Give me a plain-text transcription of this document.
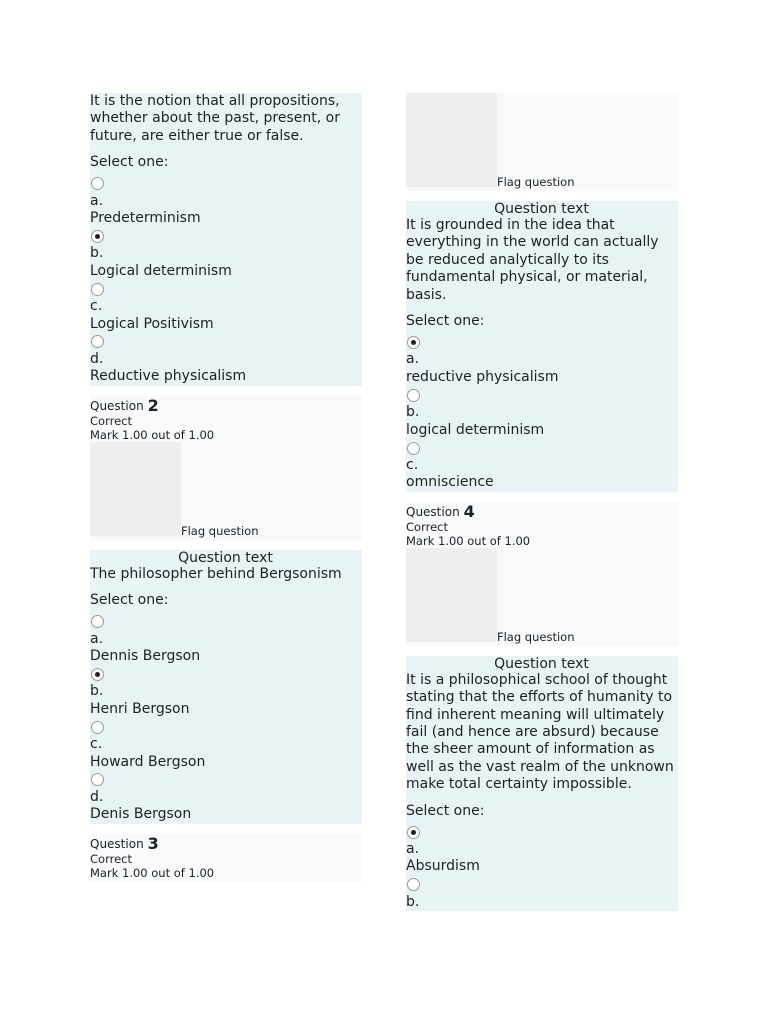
It is the notion that all propositions, whether about the past, present, or future, are either true or false.
Select one:
a.
Predeterminism
b.
Logical determinism
c.
Logical Positivism
d.
Reductive physicalism
Question 2
Correct
Mark 1.00 out of 1.00
Flag question
Question text
The philosopher behind Bergsonism
Select one:
a.
Dennis Bergson
b.
Henri Bergson
c.
Howard Bergson
d.
Denis Bergson
Question 3
Correct
Mark 1.00 out of 1.00
Flag question
Question text
It is grounded in the idea that everything in the world can actually be reduced analytically to its fundamental physical, or material, basis.
Select one:
a.
reductive physicalism
b.
logical determinism
c.
omniscience
Question 4
Correct
Mark 1.00 out of 1.00
Flag question
Question text
It is a philosophical school of thought stating that the efforts of humanity to find inherent meaning will ultimately fail (and hence are absurd) because the sheer amount of information as well as the vast realm of the unknown make total certainty impossible.
Select one:
a.
Absurdism
b.
